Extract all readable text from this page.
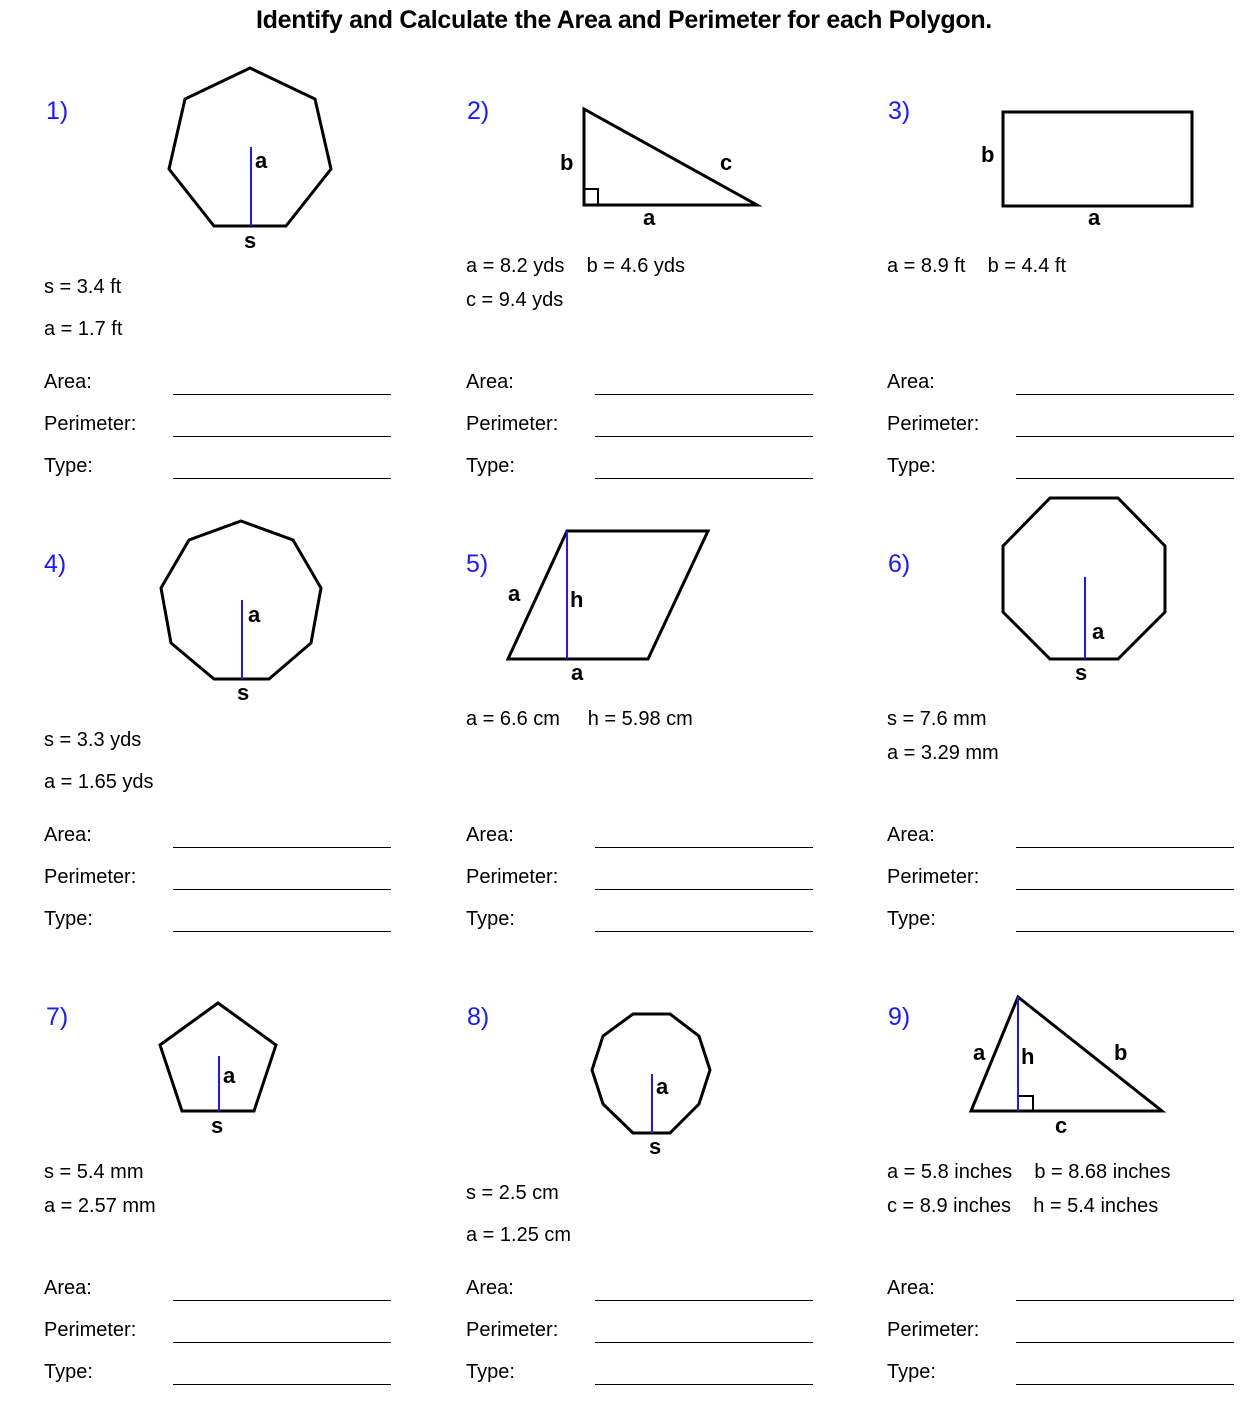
Identify and Calculate the Area and Perimeter for each Polygon.
1)	2)	3)
4)	5)	6)
7)	8)	9)
a
s
b	c
a
b
a
a
s
a h
a
a
s
a
s
a
s
a h	b
c
s = 3.4 ft
a = 1.7 ft
a = 8.2 yds    b = 4.6 yds
c = 9.4 yds
a = 8.9 ft    b = 4.4 ft
s = 3.3 yds
a = 1.65 yds
a = 6.6 cm     h = 5.98 cm	s = 7.6 mm
a = 3.29 mm
s = 5.4 mm
a = 2.57 mm
s = 2.5 cm
a = 1.25 cm
a = 5.8 inches    b = 8.68 inches
c = 8.9 inches    h = 5.4 inches
Area:
Perimeter:
Type:
Area:
Perimeter:
Type:
Area:
Perimeter:
Type:
Area:
Perimeter:
Type:
Area:
Perimeter:
Type:
Area:
Perimeter:
Type:
Area:
Perimeter:
Type:
Area:
Perimeter:
Type:
Area:
Perimeter:
Type:
